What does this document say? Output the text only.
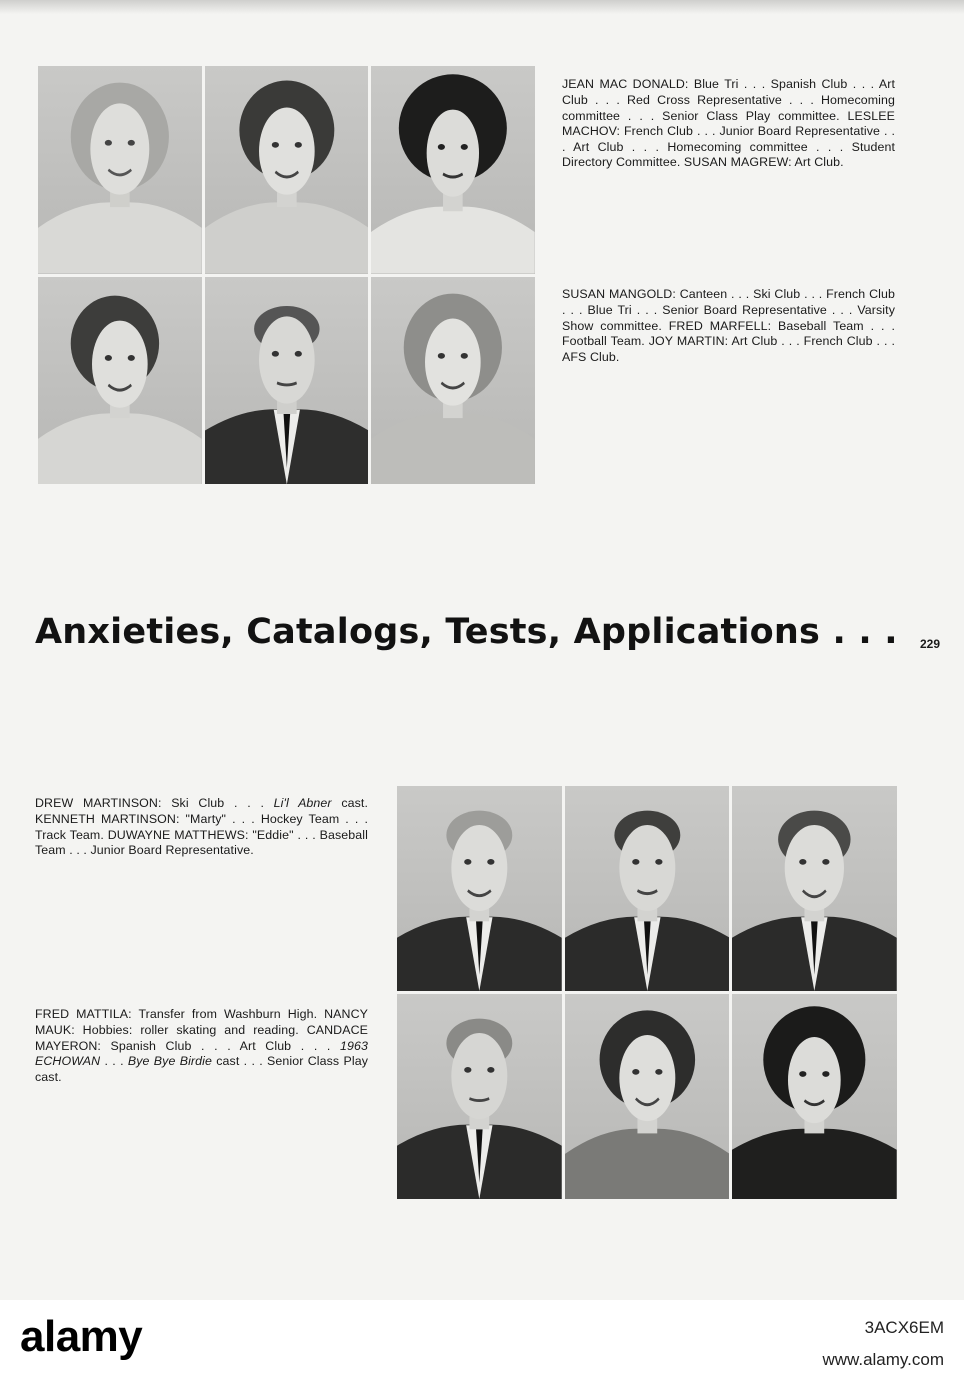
JEAN MAC DONALD: Blue Tri . . . Spanish Club . . . Art Club . . . Red Cross Representative . . . Homecoming committee . . . Senior Class Play committee. LESLEE MACHOV: French Club . . . Junior Board Representative . . . Art Club . . . Homecoming committee . . . Student Directory Committee. SUSAN MAGREW: Art Club.

SUSAN MANGOLD: Canteen . . . Ski Club . . . French Club . . . Blue Tri . . . Senior Board Representative . . . Varsity Show committee. FRED MARFELL: Baseball Team . . . Football Team. JOY MARTIN: Art Club . . . French Club . . . AFS Club.

Anxieties, Catalogs, Tests, Applications . . . 229

DREW MARTINSON: Ski Club . . . Li'l Abner cast. KENNETH MARTINSON: "Marty" . . . Hockey Team . . . Track Team. DUWAYNE MATTHEWS: "Eddie" . . . Baseball Team . . . Junior Board Representative.

FRED MATTILA: Transfer from Washburn High. NANCY MAUK: Hobbies: roller skating and reading. CANDACE MAYERON: Spanish Club . . . Art Club . . . 1963 ECHOWAN . . . Bye Bye Birdie cast . . . Senior Class Play cast.

alamy	3ACX6EM
www.alamy.com
